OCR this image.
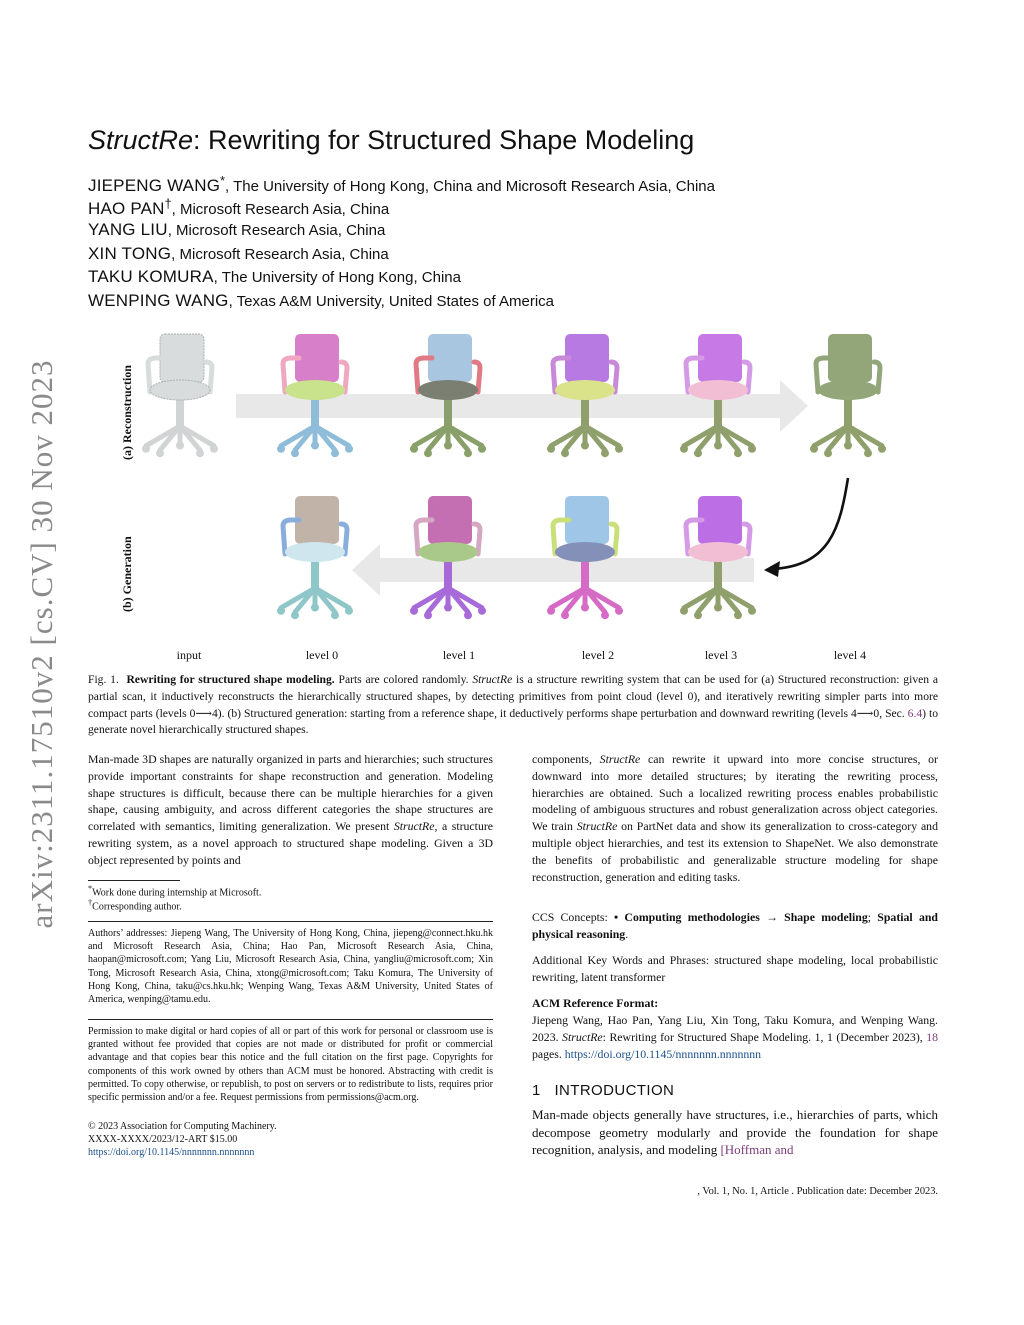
arXiv:2311.17510v2 [cs.CV] 30 Nov 2023
StructRe: Rewriting for Structured Shape Modeling
JIEPENG WANG*, The University of Hong Kong, China and Microsoft Research Asia, China
HAO PAN†, Microsoft Research Asia, China
YANG LIU, Microsoft Research Asia, China
XIN TONG, Microsoft Research Asia, China
TAKU KOMURA, The University of Hong Kong, China
WENPING WANG, Texas A&M University, United States of America
(a) Reconstruction
(b) Generation
input	level 0	level 1	level 2	level 3	level 4
Fig. 1. Rewriting for structured shape modeling. Parts are colored randomly. StructRe is a structure rewriting system that can be used for (a) Structured reconstruction: given a partial scan, it inductively reconstructs the hierarchically structured shapes, by detecting primitives from point cloud (level 0), and iteratively rewriting simpler parts into more compact parts (levels 0⟶4). (b) Structured generation: starting from a reference shape, it deductively performs shape perturbation and downward rewriting (levels 4⟶0, Sec. 6.4) to generate novel hierarchically structured shapes.
Man-made 3D shapes are naturally organized in parts and hierarchies; such structures provide important constraints for shape reconstruction and generation. Modeling shape structures is difficult, because there can be multiple hierarchies for a given shape, causing ambiguity, and across different categories the shape structures are correlated with semantics, limiting generalization. We present StructRe, a structure rewriting system, as a novel approach to structured shape modeling. Given a 3D object represented by points and
*Work done during internship at Microsoft.
†Corresponding author.
Authors’ addresses: Jiepeng Wang, The University of Hong Kong, China, jiepeng@connect.hku.hk and Microsoft Research Asia, China; Hao Pan, Microsoft Research Asia, China, haopan@microsoft.com; Yang Liu, Microsoft Research Asia, China, yangliu@microsoft.com; Xin Tong, Microsoft Research Asia, China, xtong@microsoft.com; Taku Komura, The University of Hong Kong, China, taku@cs.hku.hk; Wenping Wang, Texas A&M University, United States of America, wenping@tamu.edu.
Permission to make digital or hard copies of all or part of this work for personal or classroom use is granted without fee provided that copies are not made or distributed for profit or commercial advantage and that copies bear this notice and the full citation on the first page. Copyrights for components of this work owned by others than ACM must be honored. Abstracting with credit is permitted. To copy otherwise, or republish, to post on servers or to redistribute to lists, requires prior specific permission and/or a fee. Request permissions from permissions@acm.org.
© 2023 Association for Computing Machinery.
XXXX-XXXX/2023/12-ART $15.00
https://doi.org/10.1145/nnnnnnn.nnnnnnn
components, StructRe can rewrite it upward into more concise structures, or downward into more detailed structures; by iterating the rewriting process, hierarchies are obtained. Such a localized rewriting process enables probabilistic modeling of ambiguous structures and robust generalization across object categories. We train StructRe on PartNet data and show its generalization to cross-category and multiple object hierarchies, and test its extension to ShapeNet. We also demonstrate the benefits of probabilistic and generalizable structure modeling for shape reconstruction, generation and editing tasks.
CCS Concepts: • Computing methodologies → Shape modeling; Spatial and physical reasoning.
Additional Key Words and Phrases: structured shape modeling, local probabilistic rewriting, latent transformer
ACM Reference Format:
Jiepeng Wang, Hao Pan, Yang Liu, Xin Tong, Taku Komura, and Wenping Wang. 2023. StructRe: Rewriting for Structured Shape Modeling. 1, 1 (December 2023), 18 pages. https://doi.org/10.1145/nnnnnnn.nnnnnnn
1 INTRODUCTION
Man-made objects generally have structures, i.e., hierarchies of parts, which decompose geometry modularly and provide the foundation for shape recognition, analysis, and modeling [Hoffman and
, Vol. 1, No. 1, Article . Publication date: December 2023.
